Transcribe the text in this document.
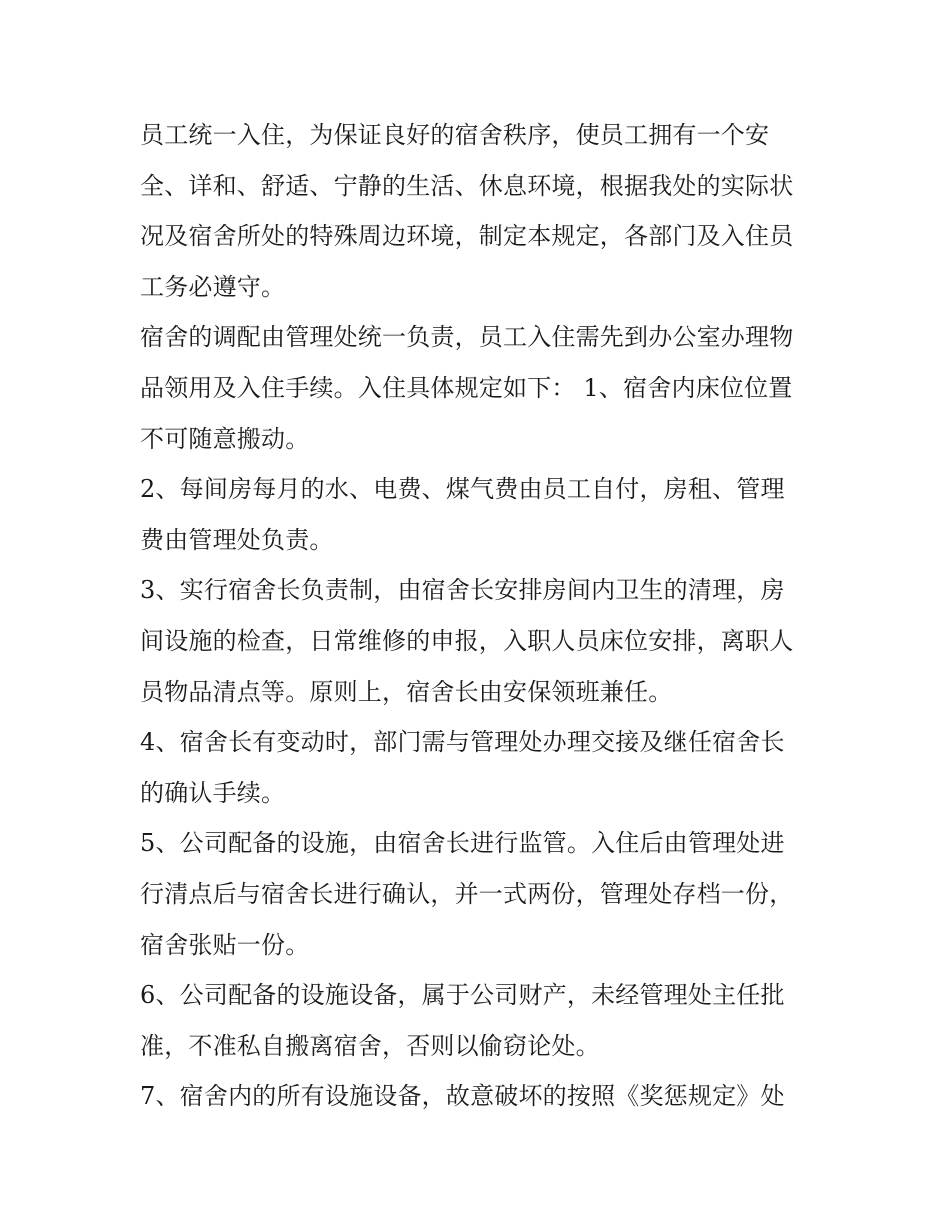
员工统一入住，为保证良好的宿舍秩序，使员工拥有一个安
全、详和、舒适、宁静的生活、休息环境，根据我处的实际状
况及宿舍所处的特殊周边环境，制定本规定，各部门及入住员
工务必遵守。

宿舍的调配由管理处统一负责，员工入住需先到办公室办理物
品领用及入住手续。入住具体规定如下： 1、宿舍内床位位置
不可随意搬动。

2、每间房每月的水、电费、煤气费由员工自付，房租、管理
费由管理处负责。

3、实行宿舍长负责制，由宿舍长安排房间内卫生的清理，房
间设施的检查，日常维修的申报，入职人员床位安排，离职人
员物品清点等。原则上，宿舍长由安保领班兼任。

4、宿舍长有变动时，部门需与管理处办理交接及继任宿舍长
的确认手续。

5、公司配备的设施，由宿舍长进行监管。入住后由管理处进
行清点后与宿舍长进行确认，并一式两份，管理处存档一份，
宿舍张贴一份。

6、公司配备的设施设备，属于公司财产，未经管理处主任批
准，不准私自搬离宿舍，否则以偷窃论处。

7、宿舍内的所有设施设备，故意破坏的按照《奖惩规定》处
